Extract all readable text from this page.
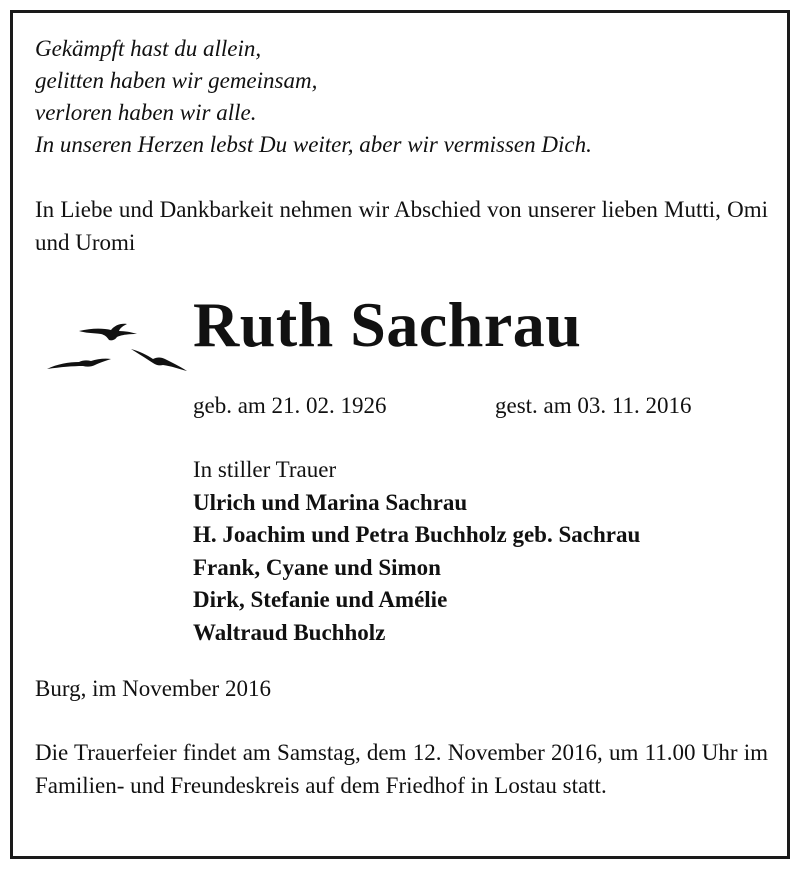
Gekämpft hast du allein,
gelitten haben wir gemeinsam,
verloren haben wir alle.
In unseren Herzen lebst Du weiter, aber wir vermissen Dich.
In Liebe und Dankbarkeit nehmen wir Abschied von unserer lieben Mutti, Omi und Uromi
Ruth Sachrau
geb. am 21. 02. 1926	gest. am 03. 11. 2016
In stiller Trauer
Ulrich und Marina Sachrau
H. Joachim und Petra Buchholz geb. Sachrau
Frank, Cyane und Simon
Dirk, Stefanie und Amélie
Waltraud Buchholz
Burg, im November 2016
Die Trauerfeier findet am Samstag, dem 12. November 2016, um 11.00 Uhr im Familien- und Freundeskreis auf dem Friedhof in Lostau statt.
